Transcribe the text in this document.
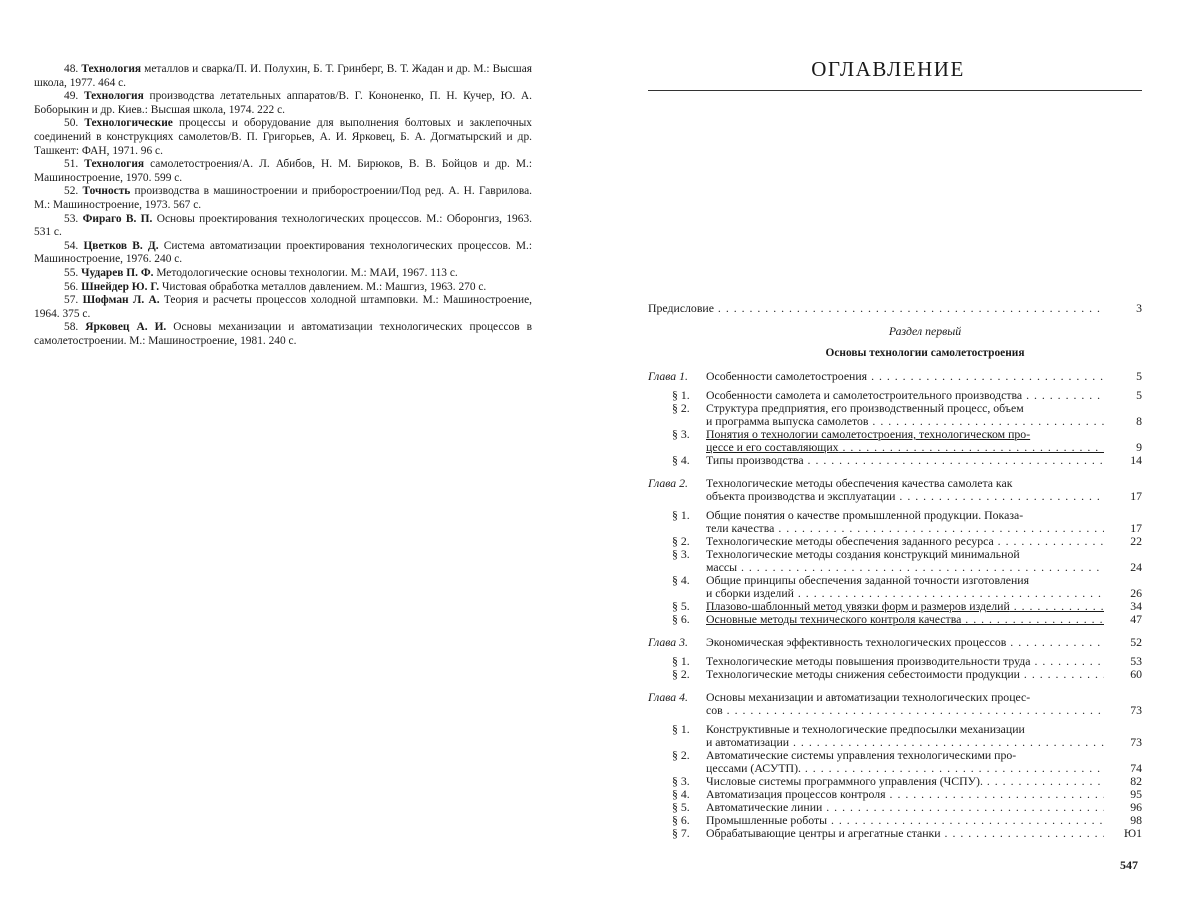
48. Технология металлов и сварка/П. И. Полухин, Б. Т. Гринберг, В. Т. Жадан и др. М.: Высшая школа, 1977. 464 с.
49. Технология производства летательных аппаратов/В. Г. Кононенко, П. Н. Кучер, Ю. А. Боборыкин и др. Киев.: Высшая школа, 1974. 222 с.
50. Технологические процессы и оборудование для выполнения болтовых и заклепочных соединений в конструкциях самолетов/В. П. Григорьев, А. И. Ярковец, Б. А. Догматырский и др. Ташкент: ФАН, 1971. 96 с.
51. Технология самолетостроения/А. Л. Абибов, Н. М. Бирюков, В. В. Бойцов и др. М.: Машиностроение, 1970. 599 с.
52. Точность производства в машиностроении и приборостроении/Под ред. А. Н. Гаврилова. М.: Машиностроение, 1973. 567 с.
53. Фираго В. П. Основы проектирования технологических процессов. М.: Оборонгиз, 1963. 531 с.
54. Цветков В. Д. Система автоматизации проектирования технологических процессов. М.: Машиностроение, 1976. 240 с.
55. Чударев П. Ф. Методологические основы технологии. М.: МАИ, 1967. 113 с.
56. Шнейдер Ю. Г. Чистовая обработка металлов давлением. М.: Машгиз, 1963. 270 с.
57. Шофман Л. А. Теория и расчеты процессов холодной штамповки. М.: Машиностроение, 1964. 375 с.
58. Ярковец А. И. Основы механизации и автоматизации технологических процессов в самолетостроении. М.: Машиностроение, 1981. 240 с.
ОГЛАВЛЕНИЕ
Предисловие . . .	3
Раздел первый
Основы технологии самолетостроения
Глава 1.	Особенности самолетостроения . . .	5
§ 1.	Особенности самолета и самолетостроительного производства . . .	5
§ 2.	Структура предприятия, его производственный процесс, объем
и программа выпуска самолетов . . .	8
§ 3.	Понятия о технологии самолетостроения, технологическом про-
цессе и его составляющих . . .	9
§ 4.	Типы производства . . .	14
Глава 2.	Технологические методы обеспечения качества самолета как
объекта производства и эксплуатации . . .	17
§ 1.	Общие понятия о качестве промышленной продукции. Показа-
тели качества . . .	17
§ 2.	Технологические методы обеспечения заданного ресурса . . .	22
§ 3.	Технологические методы создания конструкций минимальной
массы . . .	24
§ 4.	Общие принципы обеспечения заданной точности изготовления
и сборки изделий . . .	26
§ 5.	Плазово-шаблонный метод увязки форм и размеров изделий . . .	34
§ 6.	Основные методы технического контроля качества . . .	47
Глава 3.	Экономическая эффективность технологических процессов . . .	52
§ 1.	Технологические методы повышения производительности труда . . .	53
§ 2.	Технологические методы снижения себестоимости продукции . . .	60
Глава 4.	Основы механизации и автоматизации технологических процес-
сов . . .	73
§ 1.	Конструктивные и технологические предпосылки механизации
и автоматизации . . .	73
§ 2.	Автоматические системы управления технологическими про-
цессами (АСУТП). . . .	74
§ 3.	Числовые системы программного управления (ЧСПУ). . . .	82
§ 4.	Автоматизация процессов контроля . . .	95
§ 5.	Автоматические линии . . .	96
§ 6.	Промышленные роботы . . .	98
§ 7.	Обрабатывающие центры и агрегатные станки . . .	Ю1
547
